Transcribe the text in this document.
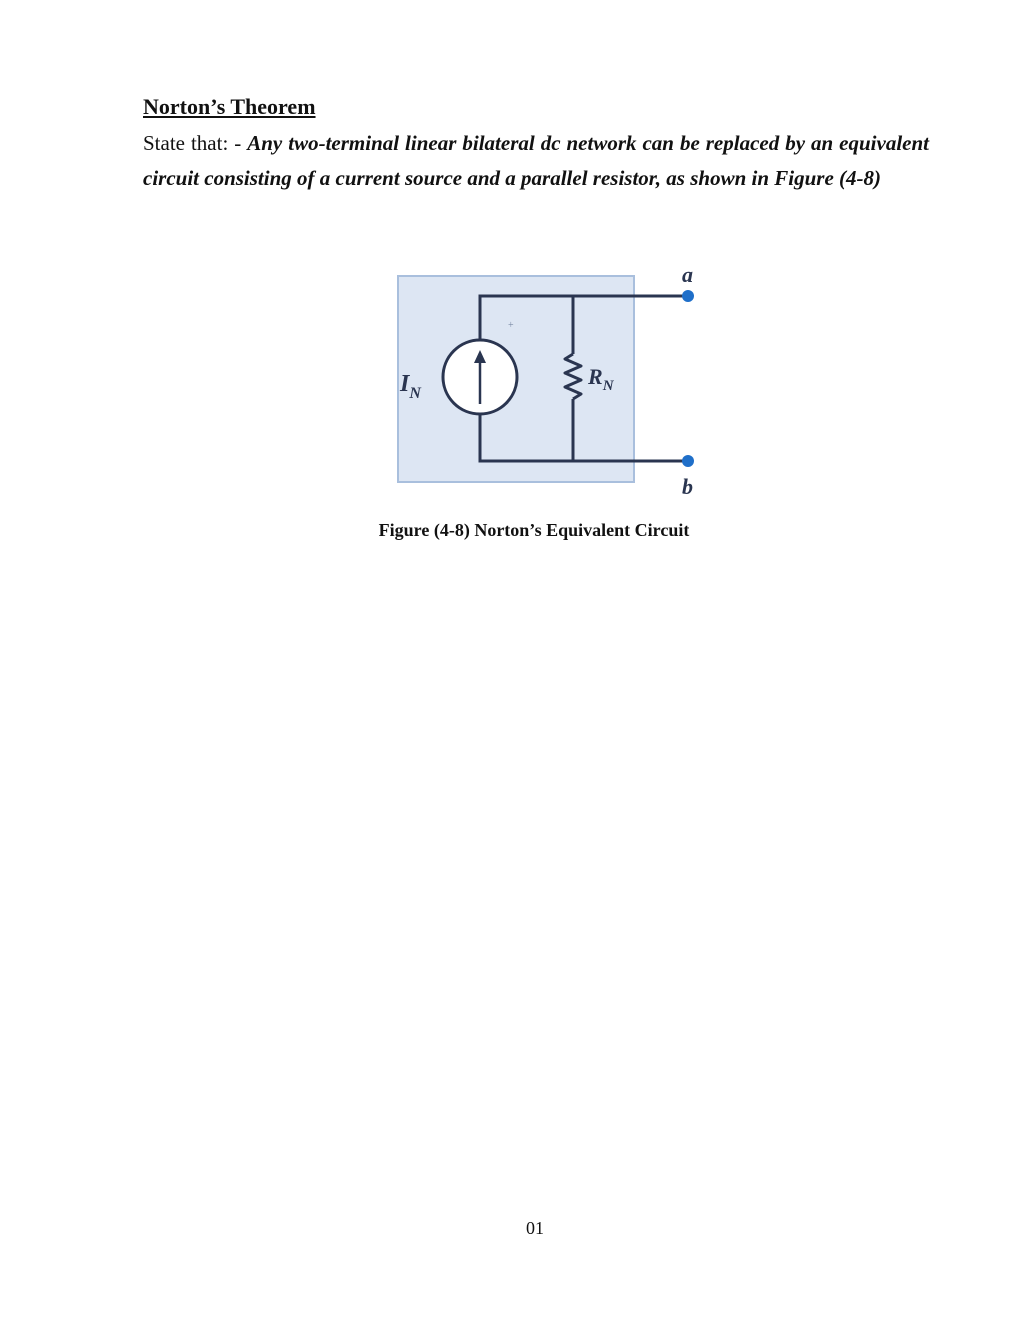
Norton’s Theorem

State that: - Any two-terminal linear bilateral dc network can be replaced by an equivalent circuit consisting of a current source and a parallel resistor, as shown in Figure (4-8)

+
$I_N$
$R_N$
a
b
Figure (4-8) Norton’s Equivalent Circuit
01
